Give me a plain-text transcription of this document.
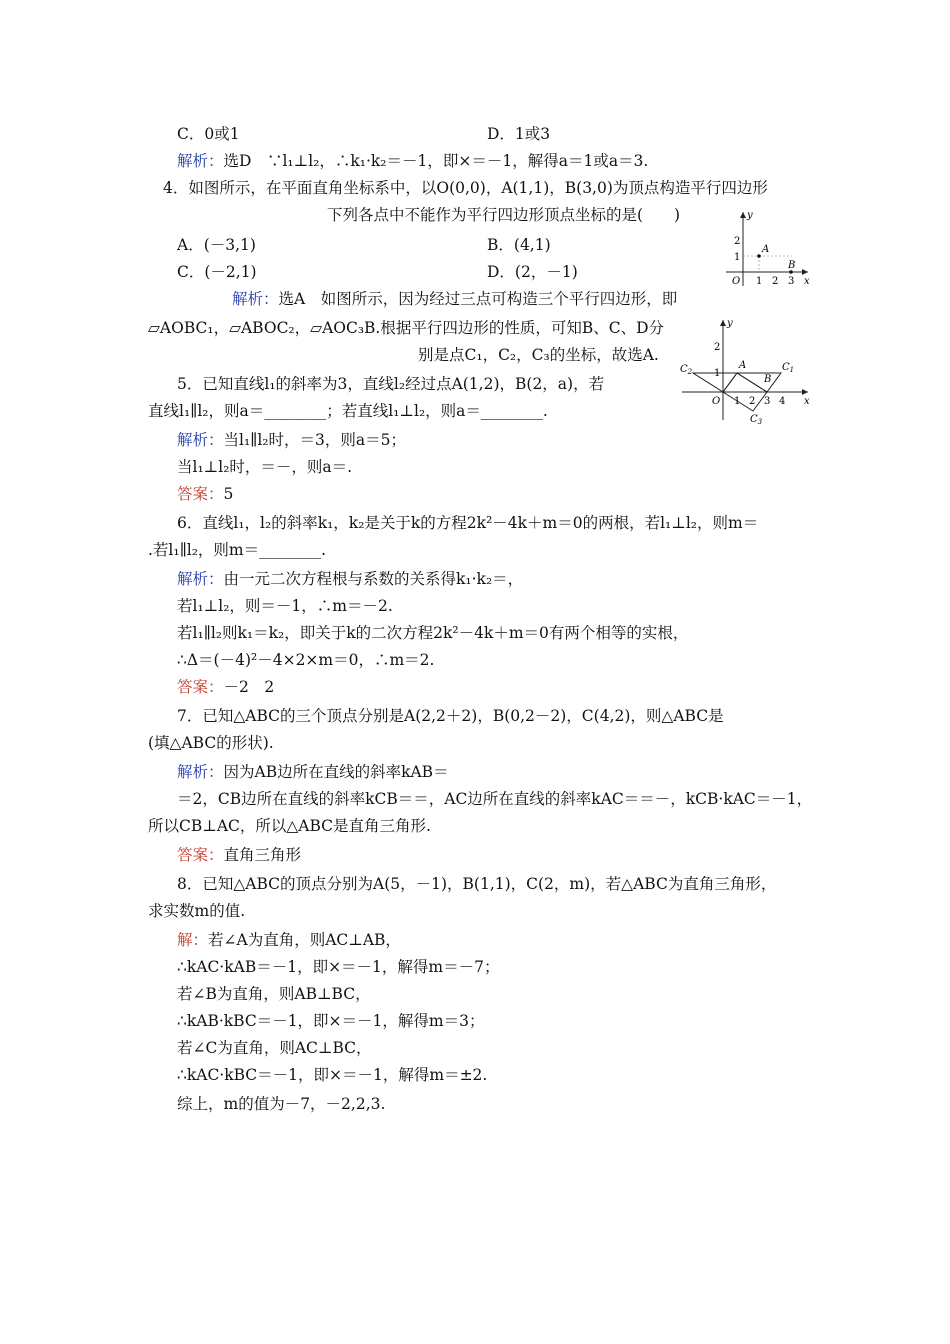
C．0或1	D．1或3
解析：选D　∵l₁⊥l₂，∴k₁·k₂＝－1，即×＝－1，解得a＝1或a＝3.
4．如图所示，在平面直角坐标系中，以O(0,0)，A(1,1)，B(3,0)为顶点构造平行四边形
下列各点中不能作为平行四边形顶点坐标的是(　　)
A．(－3,1)	B．(4,1)
C．(－2,1)	D．(2，－1)
解析：选A　如图所示，因为经过三点可构造三个平行四边形，即
▱AOBC₁，▱ABOC₂，▱AOC₃B.根据平行四边形的性质，可知B、C、D分
别是点C₁，C₂，C₃的坐标，故选A.
5．已知直线l₁的斜率为3，直线l₂经过点A(1,2)，B(2，a)，若
直线l₁∥l₂，则a＝________；若直线l₁⊥l₂，则a＝________.
解析：当l₁∥l₂时，＝3，则a＝5；
当l₁⊥l₂时，＝－，则a＝.
答案：5
6．直线l₁，l₂的斜率k₁，k₂是关于k的方程2k²－4k＋m＝0的两根，若l₁⊥l₂，则m＝
.若l₁∥l₂，则m＝________.
解析：由一元二次方程根与系数的关系得k₁·k₂＝，
若l₁⊥l₂，则＝－1，∴m＝－2.
若l₁∥l₂则k₁＝k₂，即关于k的二次方程2k²－4k＋m＝0有两个相等的实根，
∴Δ＝(－4)²－4×2×m＝0，∴m＝2.
答案：－2　2
7．已知△ABC的三个顶点分别是A(2,2＋2)，B(0,2－2)，C(4,2)，则△ABC是
(填△ABC的形状).
解析：因为AB边所在直线的斜率kAB＝
＝2，CB边所在直线的斜率kCB＝＝，AC边所在直线的斜率kAC＝＝－，kCB·kAC＝－1，
所以CB⊥AC，所以△ABC是直角三角形.
答案：直角三角形
8．已知△ABC的顶点分别为A(5，－1)，B(1,1)，C(2，m)，若△ABC为直角三角形，
求实数m的值.
解：若∠A为直角，则AC⊥AB，
∴kAC·kAB＝－1，即×＝－1，解得m＝－7；
若∠B为直角，则AB⊥BC，
∴kAB·kBC＝－1，即×＝－1，解得m＝3；
若∠C为直角，则AC⊥BC，
∴kAC·kBC＝－1，即×＝－1，解得m＝±2.
综上，m的值为－7，－2,2,3.
y
x
O 1 2 3
1
2
A
B
y
x
O 1 2 3 4
1
2
A
B
$C_1$
$C_2$
$C_3$
